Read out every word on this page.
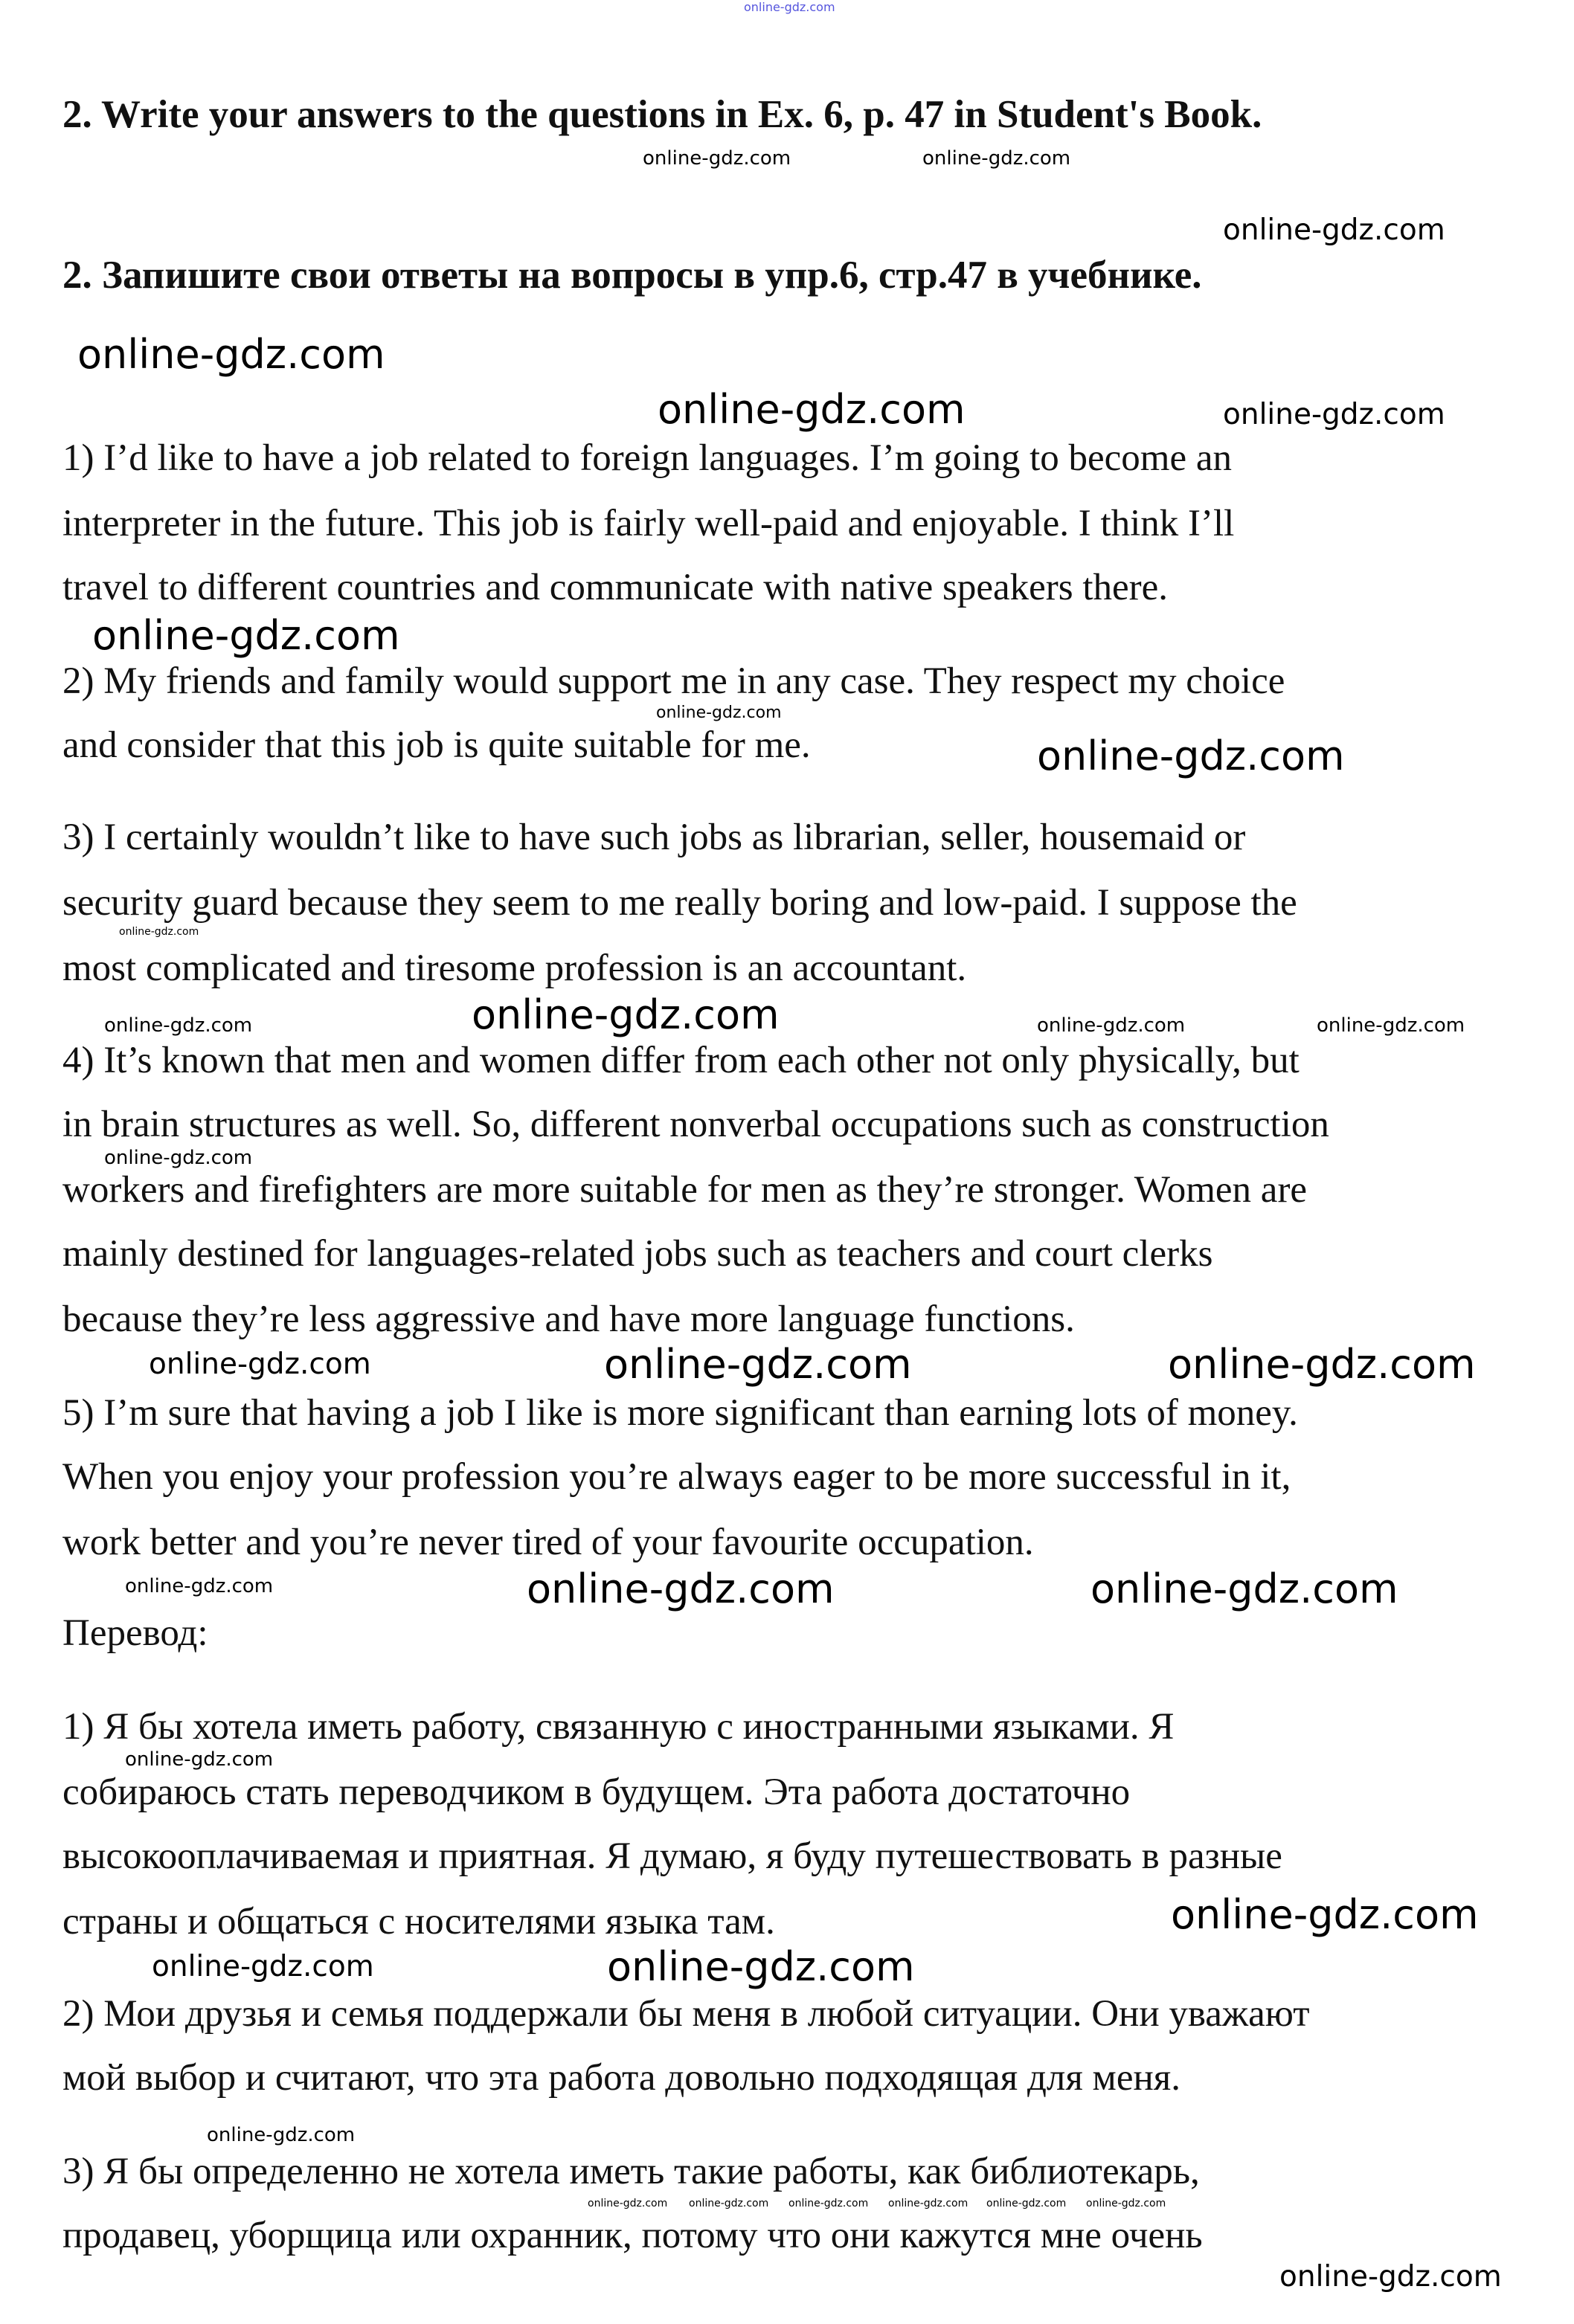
online-gdz.com
2. Write your answers to the questions in Ex. 6, p. 47 in Student's Book.
2. Запишите свои ответы на вопросы в упр.6, стр.47 в учебнике.
1) I’d like to have a job related to foreign languages. I’m going to become an
interpreter in the future. This job is fairly well-paid and enjoyable. I think I’ll
travel to different countries and communicate with native speakers there.
2) My friends and family would support me in any case. They respect my choice
and consider that this job is quite suitable for me.
3) I certainly wouldn’t like to have such jobs as librarian, seller, housemaid or
security guard because they seem to me really boring and low-paid. I suppose the
most complicated and tiresome profession is an accountant.
4) It’s known that men and women differ from each other not only physically, but
in brain structures as well. So, different nonverbal occupations such as construction
workers and firefighters are more suitable for men as they’re stronger. Women are
mainly destined for languages-related jobs such as teachers and court clerks
because they’re less aggressive and have more language functions.
5) I’m sure that having a job I like is more significant than earning lots of money.
When you enjoy your profession you’re always eager to be more successful in it,
work better and you’re never tired of your favourite occupation.
Перевод:
1) Я бы хотела иметь работу, связанную с иностранными языками. Я
собираюсь стать переводчиком в будущем. Эта работа достаточно
высокооплачиваемая и приятная. Я думаю, я буду путешествовать в разные
страны и общаться с носителями языка там.
2) Мои друзья и семья поддержали бы меня в любой ситуации. Они уважают
мой выбор и считают, что эта работа довольно подходящая для меня.
3) Я бы определенно не хотела иметь такие работы, как библиотекарь,
продавец, уборщица или охранник, потому что они кажутся мне очень
online-gdz.com
online-gdz.com
online-gdz.com
online-gdz.com
online-gdz.com
online-gdz.com	online-gdz.com
online-gdz.com	online-gdz.com
online-gdz.com
online-gdz.com
online-gdz.com
online-gdz.com
online-gdz.com
online-gdz.com
online-gdz.com
online-gdz.com	online-gdz.com
online-gdz.com	online-gdz.com	online-gdz.com
online-gdz.com
online-gdz.com
online-gdz.com
online-gdz.com
online-gdz.com
online-gdz.com
online-gdz.com online-gdz.com online-gdz.com online-gdz.com online-gdz.com online-gdz.com
